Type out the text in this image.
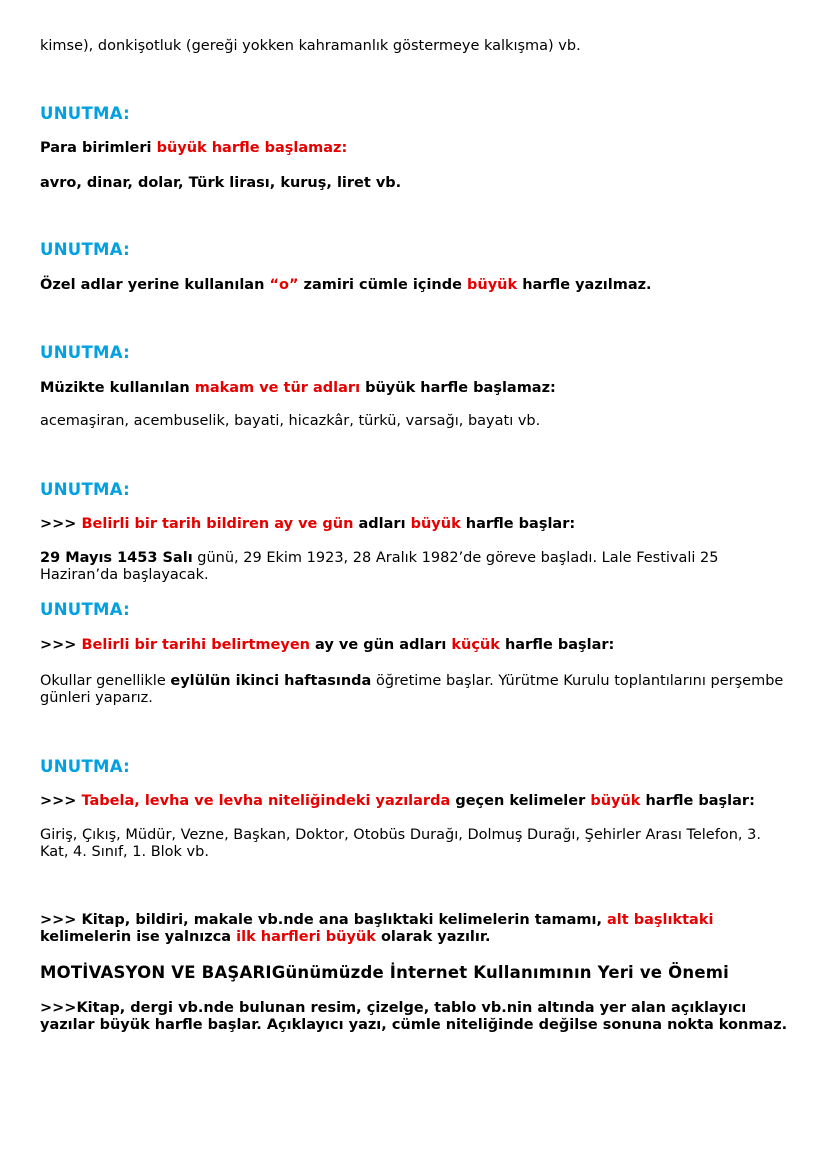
kimse), donkişotluk (gereği yokken kahramanlık göstermeye kalkışma) vb.
UNUTMA:
Para birimleri büyük harfle başlamaz:
avro, dinar, dolar, Türk lirası, kuruş, liret vb.
UNUTMA:
Özel adlar yerine kullanılan “o” zamiri cümle içinde büyük harfle yazılmaz.
UNUTMA:
Müzikte kullanılan makam ve tür adları büyük harfle başlamaz:
acemaşiran, acembuselik, bayati, hicazkâr, türkü, varsağı, bayatı vb.
UNUTMA:
>>> Belirli bir tarih bildiren ay ve gün adları büyük harfle başlar:
29 Mayıs 1453 Salı günü, 29 Ekim 1923, 28 Aralık 1982’de göreve başladı. Lale Festivali 25 Haziran’da başlayacak.
UNUTMA:
>>> Belirli bir tarihi belirtmeyen ay ve gün adları küçük harfle başlar:
Okullar genellikle eylülün ikinci haftasında öğretime başlar. Yürütme Kurulu toplantılarını perşembe günleri yaparız.
UNUTMA:
>>> Tabela, levha ve levha niteliğindeki yazılarda geçen kelimeler büyük harfle başlar:
Giriş, Çıkış, Müdür, Vezne, Başkan, Doktor, Otobüs Durağı, Dolmuş Durağı, Şehirler Arası Telefon, 3. Kat, 4. Sınıf, 1. Blok vb.
>>> Kitap, bildiri, makale vb.nde ana başlıktaki kelimelerin tamamı, alt başlıktaki kelimelerin ise yalnızca ilk harfleri büyük olarak yazılır.
MOTİVASYON VE BAŞARIGünümüzde İnternet Kullanımının Yeri ve Önemi
>>>Kitap, dergi vb.nde bulunan resim, çizelge, tablo vb.nin altında yer alan açıklayıcı yazılar büyük harfle başlar. Açıklayıcı yazı, cümle niteliğinde değilse sonuna nokta konmaz.
